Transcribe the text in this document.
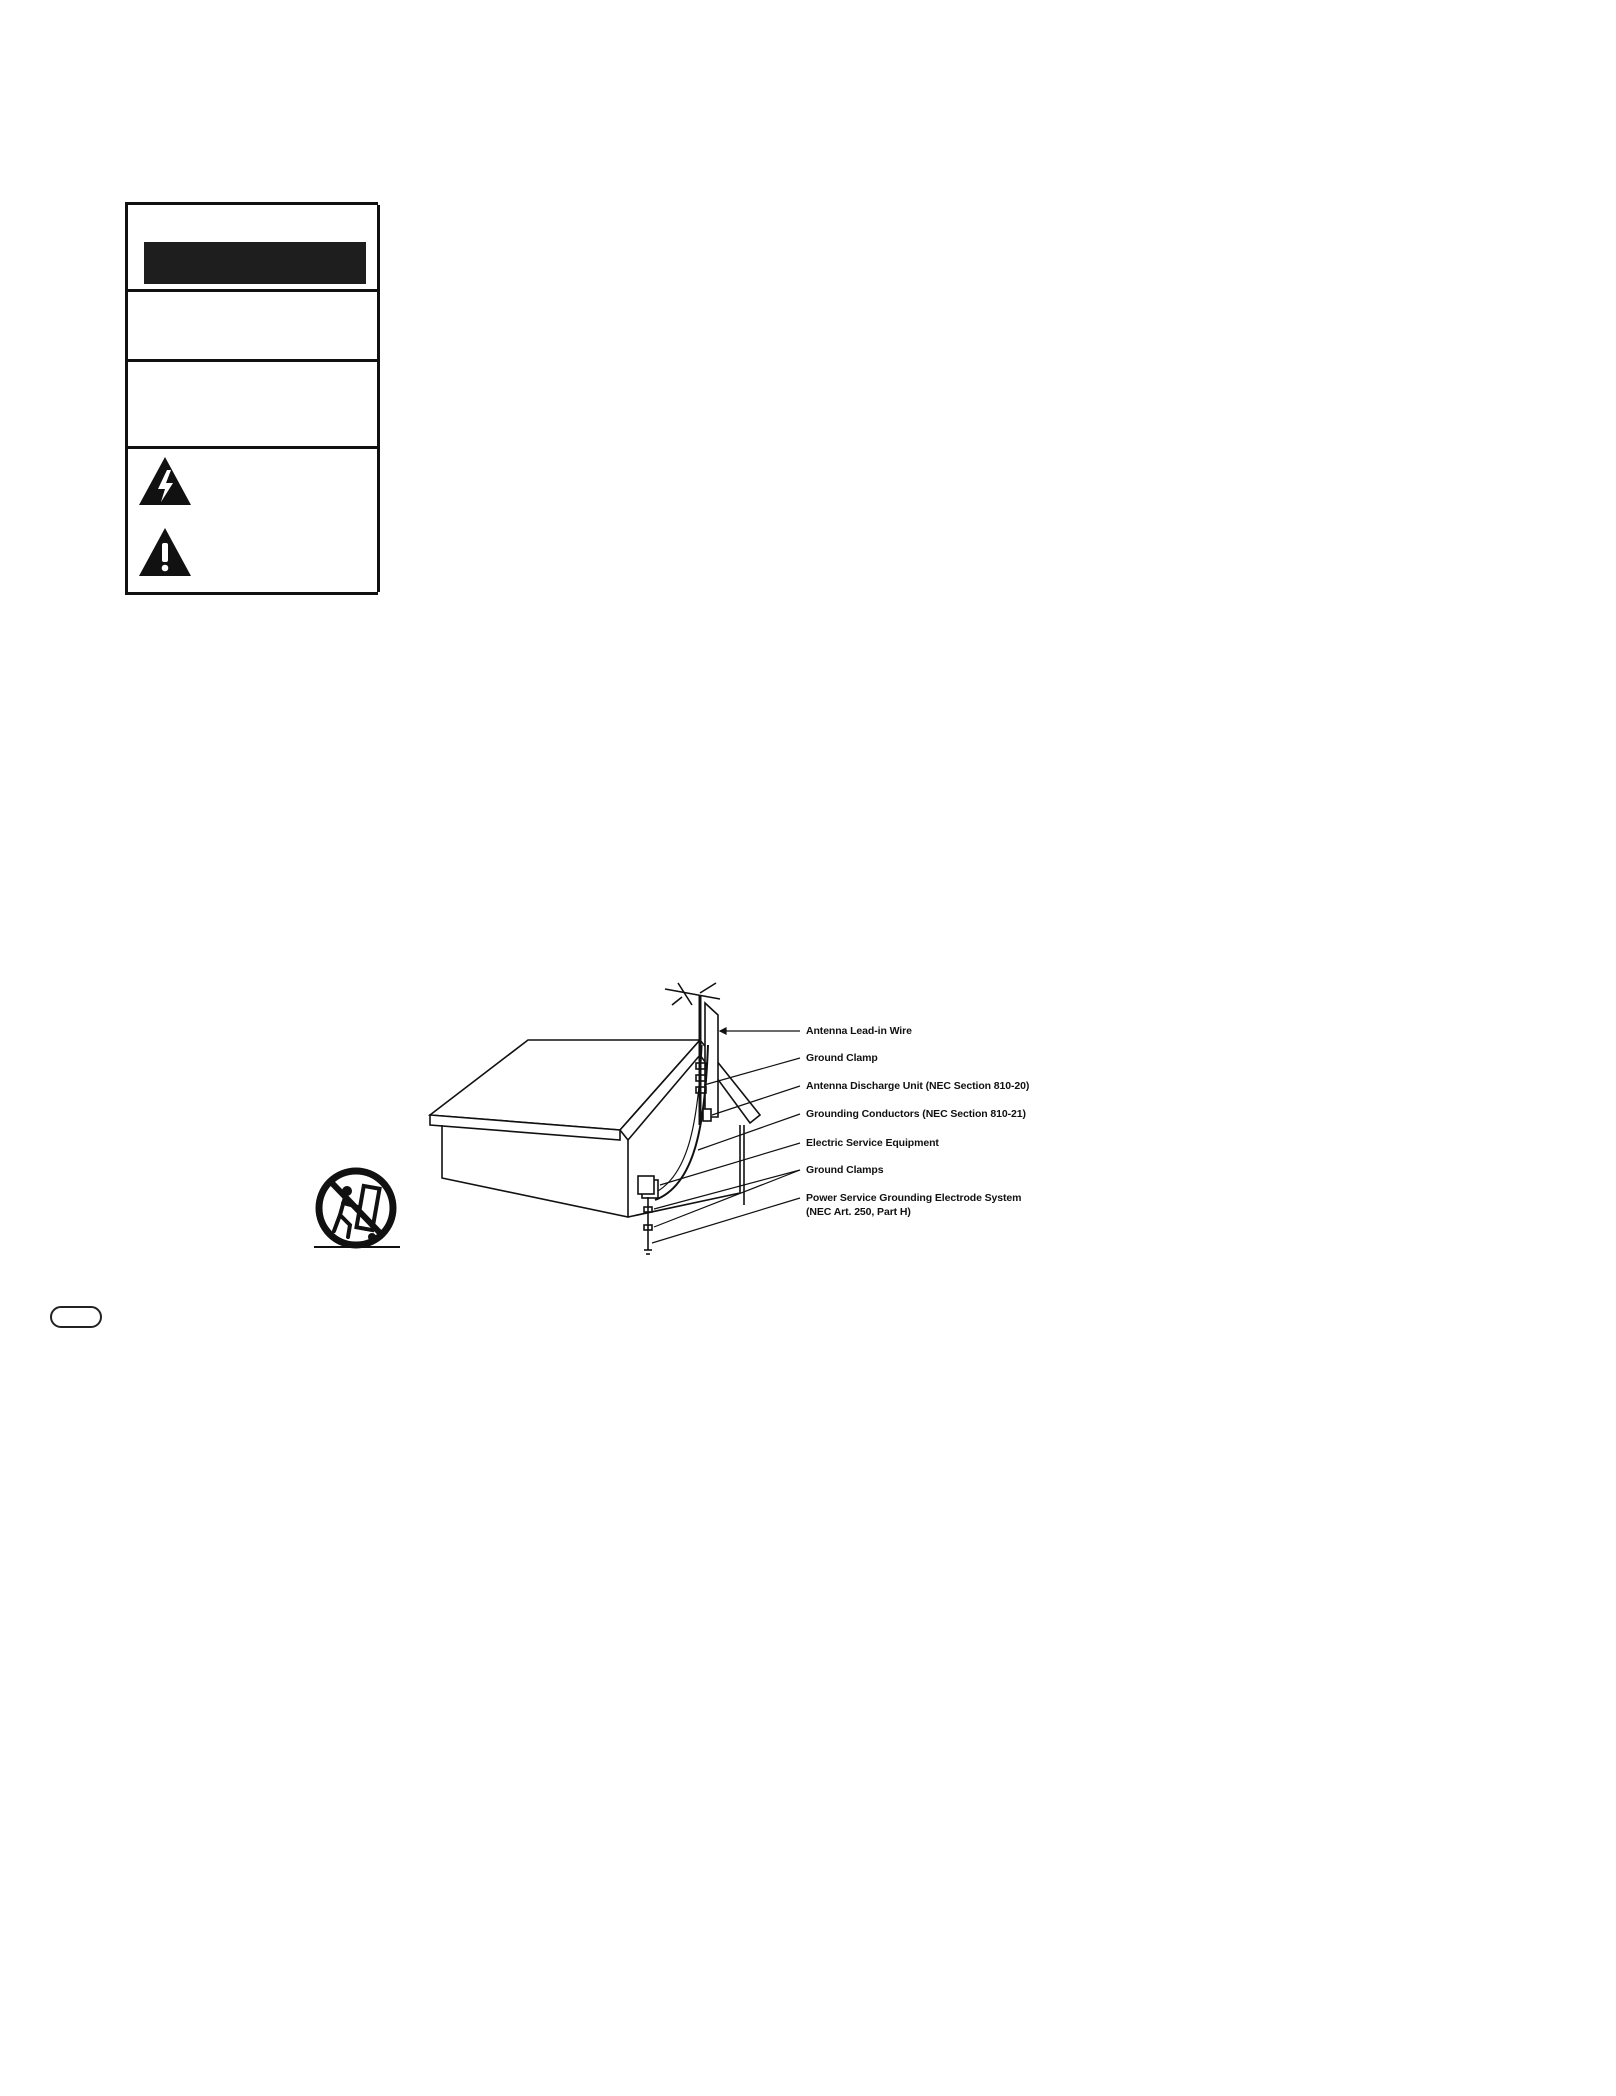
Antenna Lead-in Wire
Ground Clamp
Antenna Discharge Unit (NEC Section 810-20)
Grounding Conductors (NEC Section 810-21)
Electric Service Equipment
Ground Clamps
Power Service Grounding Electrode System
(NEC Art. 250, Part H)
